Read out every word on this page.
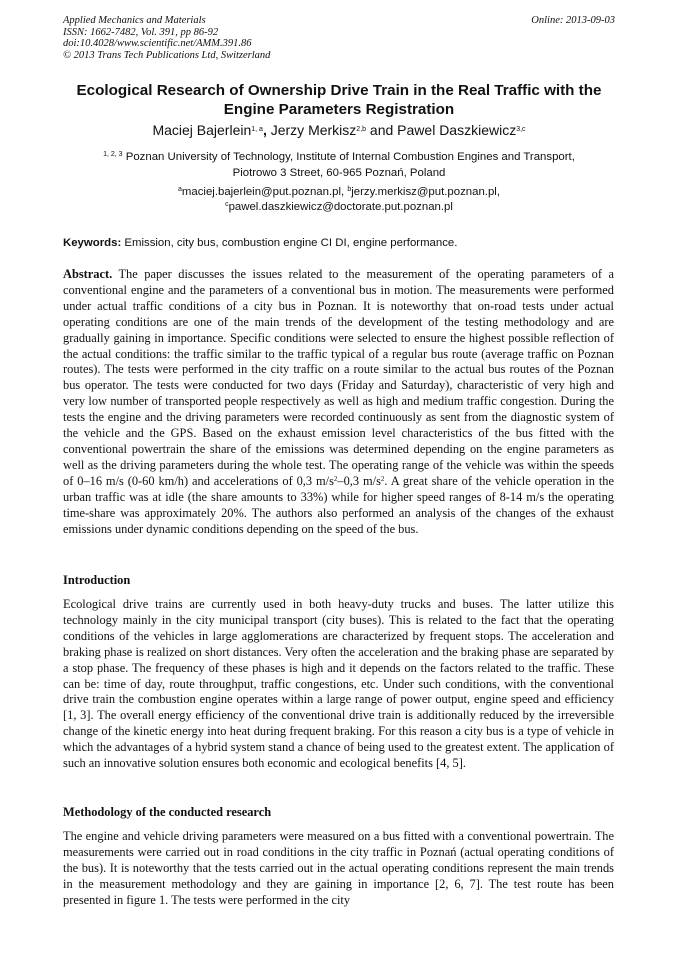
Applied Mechanics and Materials
ISSN: 1662-7482, Vol. 391, pp 86-92
doi:10.4028/www.scientific.net/AMM.391.86
© 2013 Trans Tech Publications Ltd, Switzerland
Online: 2013-09-03
Ecological Research of Ownership Drive Train in the Real Traffic with the
Engine Parameters Registration
Maciej Bajerlein$^{1, a}$, Jerzy Merkisz$^{2,b}$ and Pawel Daszkiewicz$^{3,c}$
$^{1, 2, 3}$ Poznan University of Technology, Institute of Internal Combustion Engines and Transport,
Piotrowo 3 Street, 60-965 Poznań, Poland
$^a$maciej.bajerlein@put.poznan.pl, $^b$jerzy.merkisz@put.poznan.pl,
$^c$pawel.daszkiewicz@doctorate.put.poznan.pl
Keywords: Emission, city bus, combustion engine CI DI, engine performance.
Abstract. The paper discusses the issues related to the measurement of the operating parameters of a conventional engine and the parameters of a conventional bus in motion. The measurements were performed under actual traffic conditions of a city bus in Poznan. It is noteworthy that on-road tests under actual operating conditions are one of the main trends of the development of the testing methodology and are gradually gaining in importance. Specific conditions were selected to ensure the highest possible reflection of the actual conditions: the traffic similar to the traffic typical of a regular bus route (average traffic on Poznan routes). The tests were performed in the city traffic on a route similar to the actual bus routes of the Poznan bus operator. The tests were conducted for two days (Friday and Saturday), characteristic of very high and very low number of transported people respectively as well as high and medium traffic congestion. During the tests the engine and the driving parameters were recorded continuously as sent from the diagnostic system of the vehicle and the GPS. Based on the exhaust emission level characteristics of the bus fitted with the conventional powertrain the share of the emissions was determined depending on the engine parameters as well as the driving parameters during the whole test. The operating range of the vehicle was within the speeds of 0–16 m/s (0-60 km/h) and accelerations of 0,3 $m/s^2-0,3$ $m/s^2$. A great share of the vehicle operation in the urban traffic was at idle (the share amounts to 33%) while for higher speed ranges of 8-14 m/s the operating time-share was approximately 20%. The authors also performed an analysis of the changes of the exhaust emissions under dynamic conditions depending on the speed of the bus.
Introduction
Ecological drive trains are currently used in both heavy-duty trucks and buses. The latter utilize this technology mainly in the city municipal transport (city buses). This is related to the fact that the operating conditions of the vehicles in large agglomerations are characterized by frequent stops. The acceleration and braking phase is realized on short distances. Very often the acceleration and the braking phase are separated by a stop phase. The frequency of these phases is high and it depends on the factors related to the traffic. These can be: time of day, route throughput, traffic congestions, etc. Under such conditions, with the conventional drive train the combustion engine operates within a large range of power output, engine speed and efficiency [1, 3]. The overall energy efficiency of the conventional drive train is additionally reduced by the irreversible change of the kinetic energy into heat during frequent braking. For this reason a city bus is a type of vehicle in which the advantages of a hybrid system stand a chance of being used to the greatest extent. The application of such an innovative solution ensures both economic and ecological benefits [4, 5].
Methodology of the conducted research
The engine and vehicle driving parameters were measured on a bus fitted with a conventional powertrain. The measurements were carried out in road conditions in the city traffic in Poznań (actual operating conditions of the bus). It is noteworthy that the tests carried out in the actual operating conditions represent the main trends in the measurement methodology and they are gaining in importance [2, 6, 7]. The test route has been presented in figure 1. The tests were performed in the city
